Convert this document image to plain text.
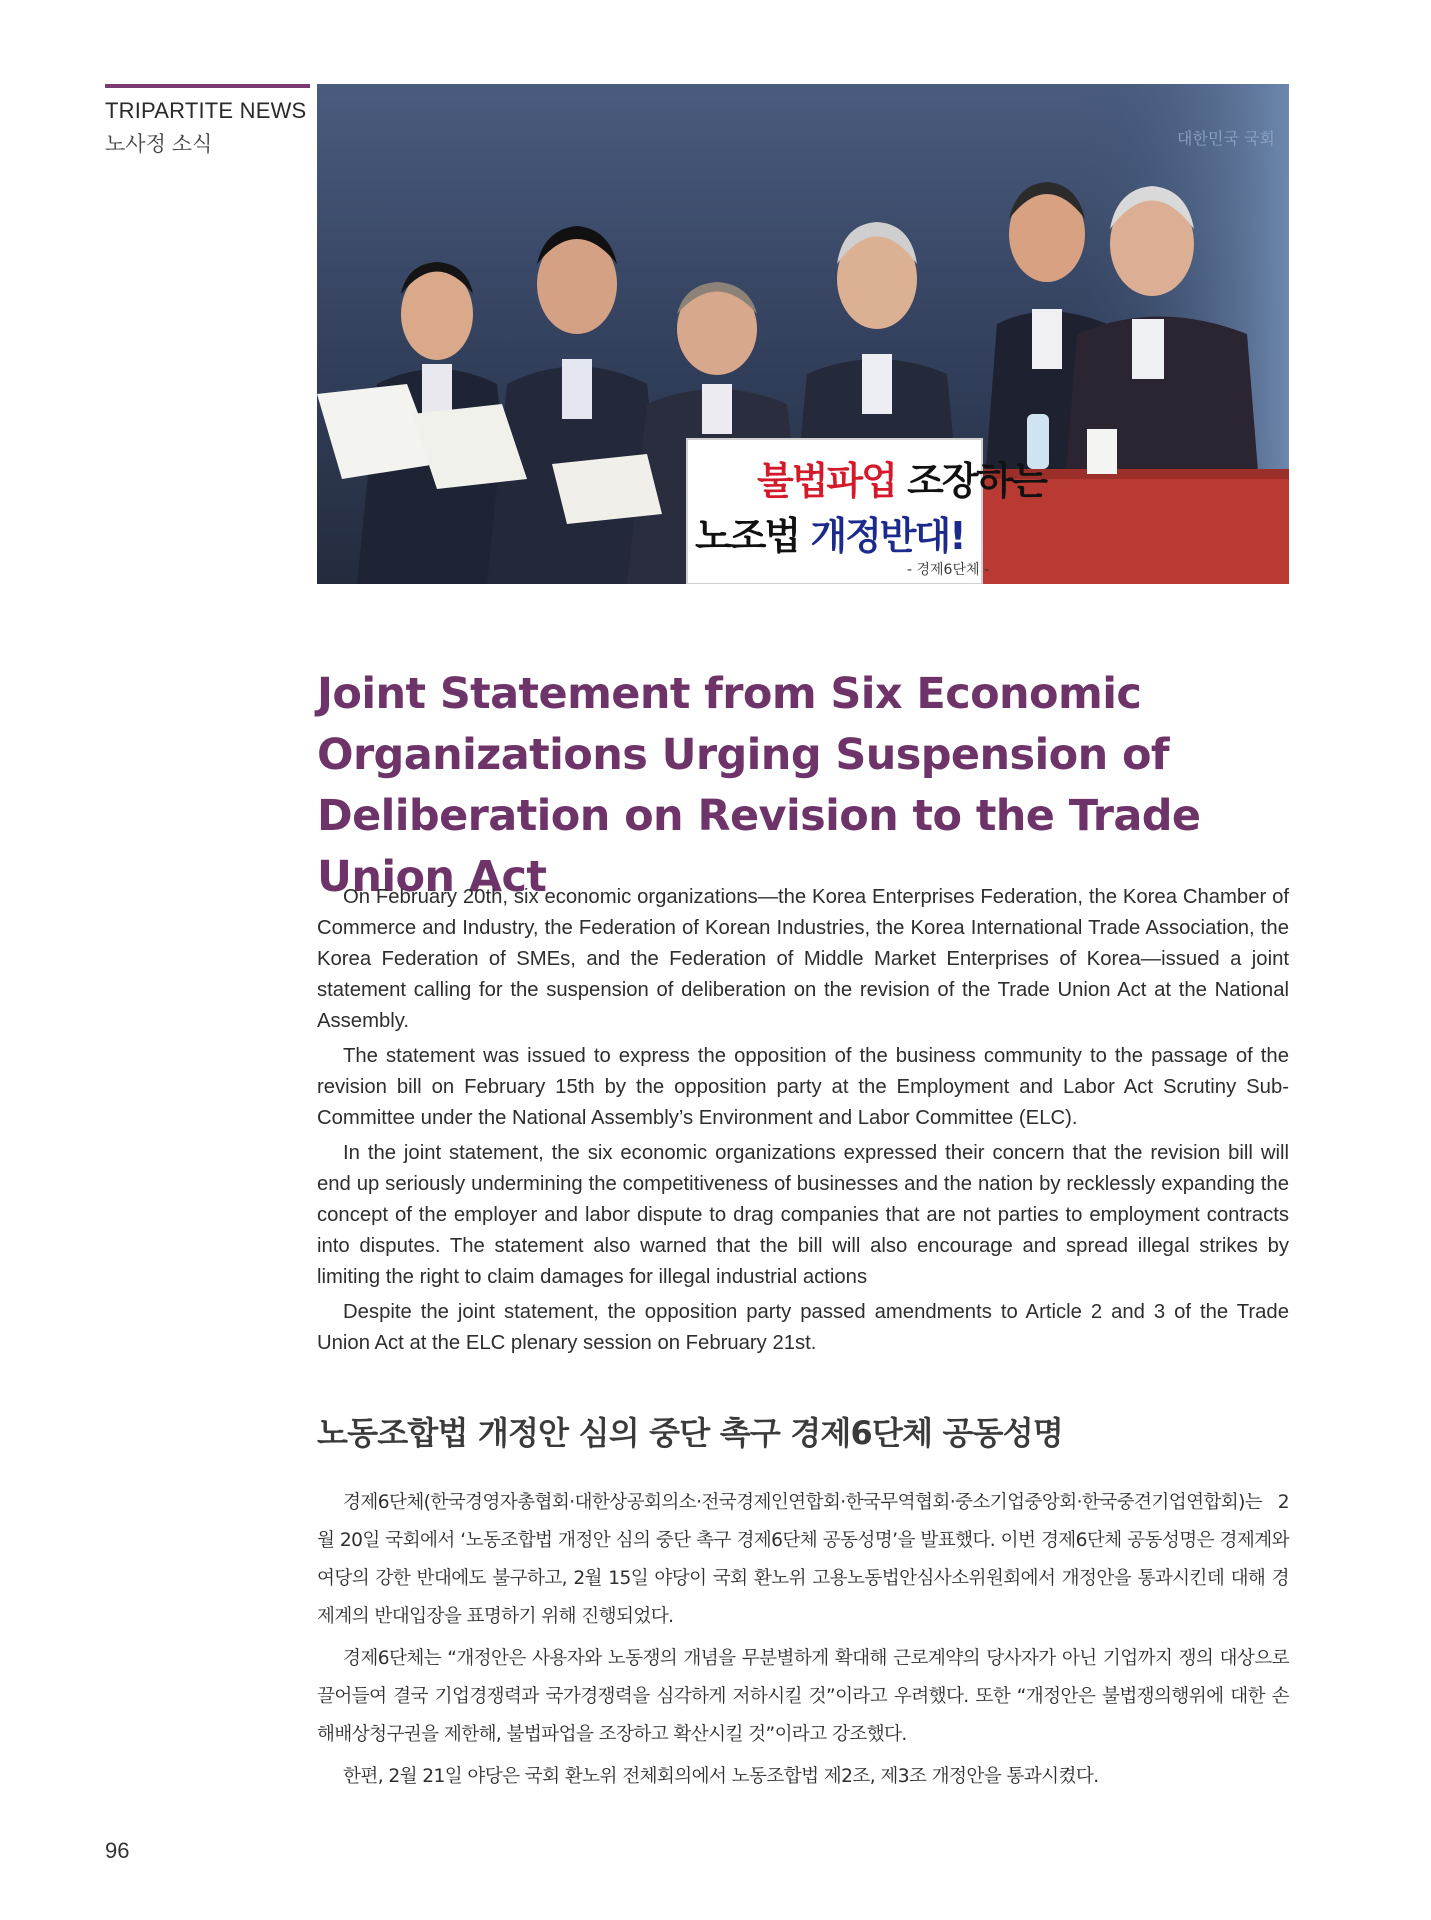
TRIPARTITE NEWS
노사정 소식	대한민국 국회
불법파업 조장하는
노조법 개정반대!
- 경제6단체 -
Joint Statement from Six Economic Organizations Urging Suspension of Deliberation on Revision to the Trade Union Act

On February 20th, six economic organizations—the Korea Enterprises Federation, the Korea Chamber of Commerce and Industry, the Federation of Korean Industries, the Korea International Trade Association, the Korea Federation of SMEs, and the Federation of Middle Market Enterprises of Korea—issued a joint statement calling for the suspension of deliberation on the revision of the Trade Union Act at the National Assembly.

The statement was issued to express the opposition of the business community to the passage of the revision bill on February 15th by the opposition party at the Employment and Labor Act Scrutiny Sub-Committee under the National Assembly’s Environment and Labor Committee (ELC).

In the joint statement, the six economic organizations expressed their concern that the revision bill will end up seriously undermining the competitiveness of businesses and the nation by recklessly expanding the concept of the employer and labor dispute to drag companies that are not parties to employment contracts into disputes. The statement also warned that the bill will also encourage and spread illegal strikes by limiting the right to claim damages for illegal industrial actions

Despite the joint statement, the opposition party passed amendments to Article 2 and 3 of the Trade Union Act at the ELC plenary session on February 21st.

노동조합법 개정안 심의 중단 촉구 경제6단체 공동성명

경제6단체(한국경영자총협회·대한상공회의소·전국경제인연합회·한국무역협회·중소기업중앙회·한국중견기업연합회)는 2월 20일 국회에서 ‘노동조합법 개정안 심의 중단 촉구 경제6단체 공동성명’을 발표했다. 이번 경제6단체 공동성명은 경제계와 여당의 강한 반대에도 불구하고, 2월 15일 야당이 국회 환노위 고용노동법안심사소위원회에서 개정안을 통과시킨데 대해 경제계의 반대입장을 표명하기 위해 진행되었다.

경제6단체는 “개정안은 사용자와 노동쟁의 개념을 무분별하게 확대해 근로계약의 당사자가 아닌 기업까지 쟁의 대상으로 끌어들여 결국 기업경쟁력과 국가경쟁력을 심각하게 저하시킬 것”이라고 우려했다. 또한 “개정안은 불법쟁의행위에 대한 손해배상청구권을 제한해, 불법파업을 조장하고 확산시킬 것”이라고 강조했다.

한편, 2월 21일 야당은 국회 환노위 전체회의에서 노동조합법 제2조, 제3조 개정안을 통과시켰다.

96
